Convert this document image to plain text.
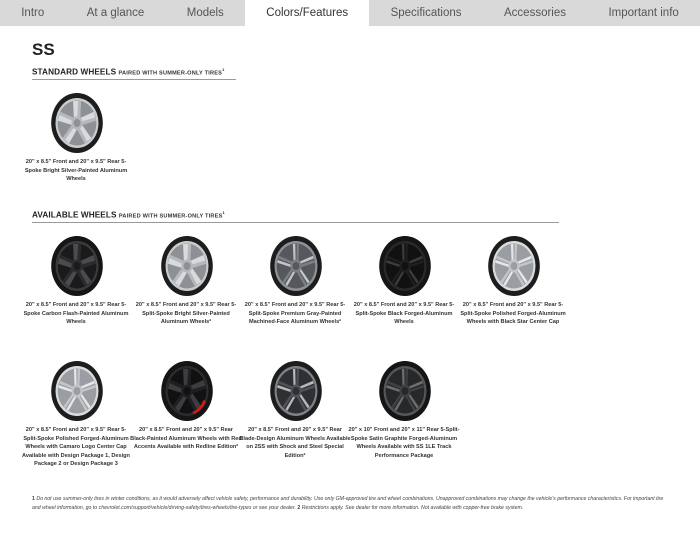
Intro	At a glance	Models	Colors/Features	Specifications	Accessories	Important info
SS
STANDARD WHEELS PAIRED WITH SUMMER-ONLY TIRES$^1$
AVAILABLE WHEELS PAIRED WITH SUMMER-ONLY TIRES$^1$
20" x 8.5" Front and 20" x 9.5" Rear 5-Spoke Bright Silver-Painted Aluminum Wheels
20" x 8.5" Front and 20" x 9.5" Rear 5-Spoke Carbon Flash-Painted Aluminum Wheels
20" x 8.5" Front and 20" x 9.5" Rear 5-Split-Spoke Bright Silver-Painted Aluminum Wheels²
20" x 8.5" Front and 20" x 9.5" Rear 5-Split-Spoke Premium Gray-Painted Machined-Face Aluminum Wheels²
20" x 8.5" Front and 20" x 9.5" Rear 5-Split-Spoke Black Forged-Aluminum Wheels
20" x 8.5" Front and 20" x 9.5" Rear 5-Split-Spoke Polished Forged-Aluminum Wheels with Black Star Center Cap
20" x 8.5" Front and 20" x 9.5" Rear 5-Split-Spoke Polished Forged-Aluminum Wheels with Camaro Logo Center Cap Available with Design Package 1, Design Package 2 or Design Package 3
20" x 8.5" Front and 20" x 9.5" Rear Black-Painted Aluminum Wheels with Red Accents Available with Redline Edition²
20" x 8.5" Front and 20" x 9.5" Rear Blade-Design Aluminum Wheels Available on 2SS with Shock and Steel Special Edition²
20" x 10" Front and 20" x 11" Rear 5-Split-Spoke Satin Graphite Forged-Aluminum Wheels Available with SS 1LE Track Performance Package
1 Do not use summer-only tires in winter conditions, as it would adversely affect vehicle safety, performance and durability. Use only GM-approved tire and wheel combinations. Unapproved combinations may change the vehicle's performance characteristics. For important tire and wheel information, go to chevrolet.com/support/vehicle/driving-safety/tires-wheels/tire-types or see your dealer. 2 Restrictions apply. See dealer for more information. Not available with copper-free brake system.
